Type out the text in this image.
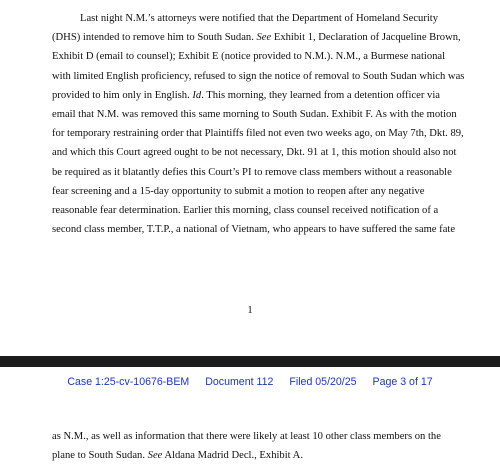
Last night N.M.’s attorneys were notified that the Department of Homeland Security
(DHS) intended to remove him to South Sudan. See Exhibit 1, Declaration of Jacqueline Brown,
Exhibit D (email to counsel); Exhibit E (notice provided to N.M.). N.M., a Burmese national
with limited English proficiency, refused to sign the notice of removal to South Sudan which was
provided to him only in English. Id. This morning, they learned from a detention officer via
email that N.M. was removed this same morning to South Sudan. Exhibit F. As with the motion
for temporary restraining order that Plaintiffs filed not even two weeks ago, on May 7th, Dkt. 89,
and which this Court agreed ought to be not necessary, Dkt. 91 at 1, this motion should also not
be required as it blatantly defies this Court’s PI to remove class members without a reasonable
fear screening and a 15-day opportunity to submit a motion to reopen after any negative
reasonable fear determination. Earlier this morning, class counsel received notification of a
second class member, T.T.P., a national of Vietnam, who appears to have suffered the same fate
1
Case 1:25-cv-10676-BEM Document 112 Filed 05/20/25 Page 3 of 17
as N.M., as well as information that there were likely at least 10 other class members on the
plane to South Sudan. See Aldana Madrid Decl., Exhibit A.
